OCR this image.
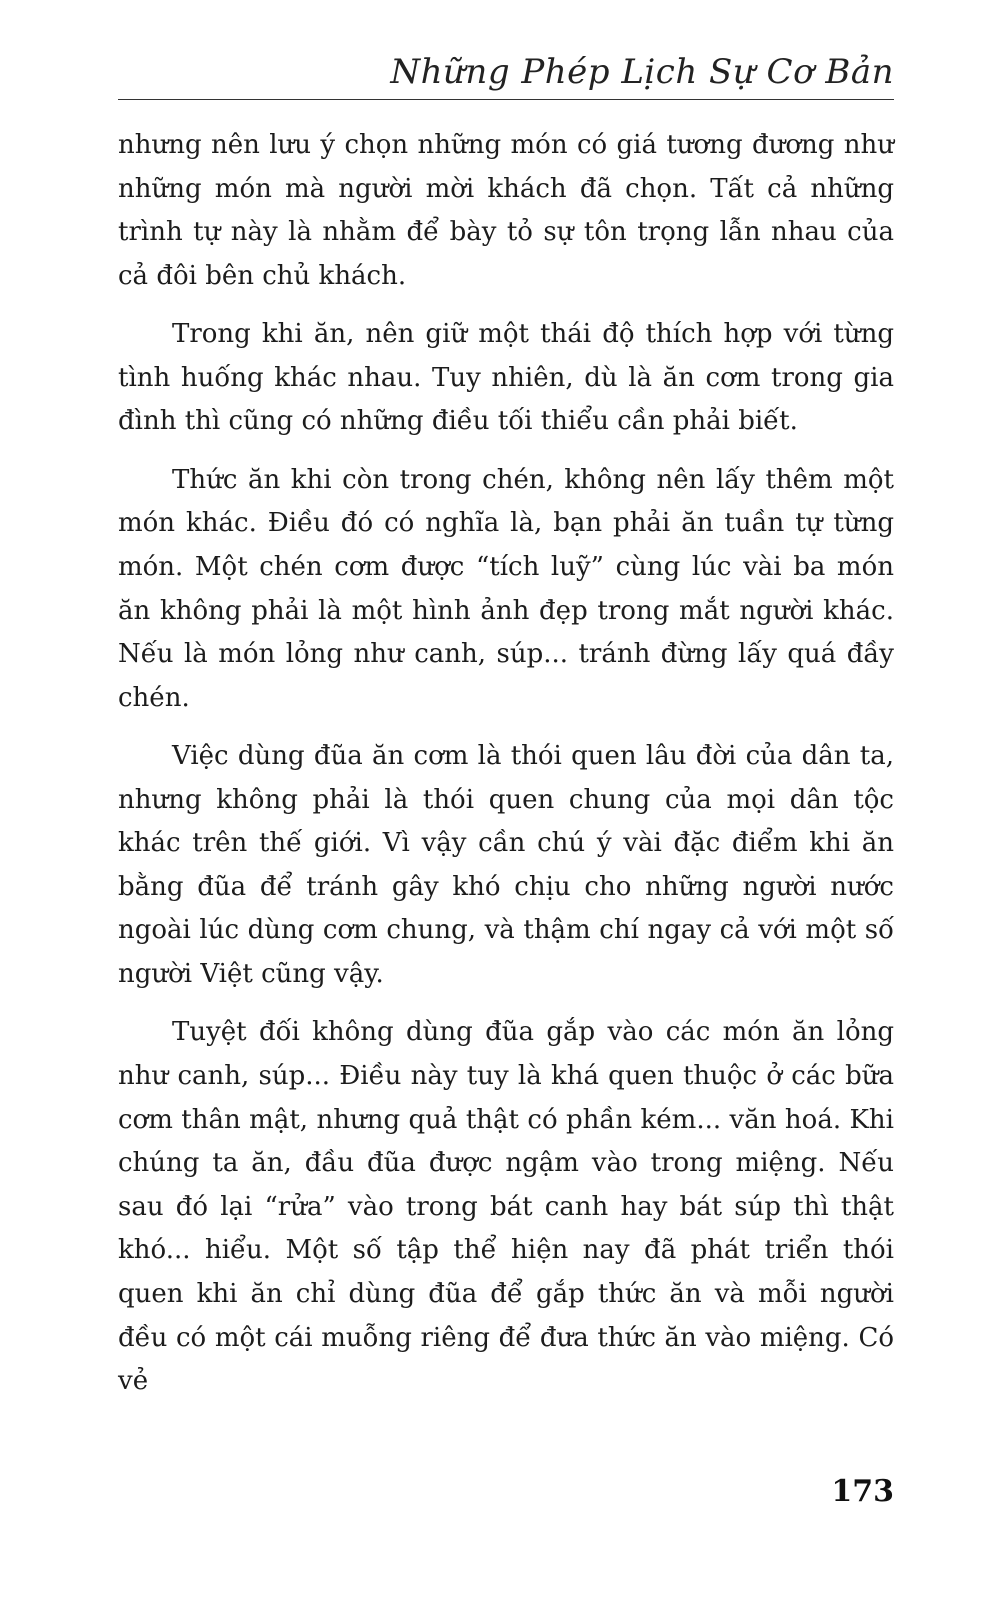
Những Phép Lịch Sự Cơ Bản

nhưng nên lưu ý chọn những món có giá tương đương như những món mà người mời khách đã chọn. Tất cả những trình tự này là nhằm để bày tỏ sự tôn trọng lẫn nhau của cả đôi bên chủ khách.

Trong khi ăn, nên giữ một thái độ thích hợp với từng tình huống khác nhau. Tuy nhiên, dù là ăn cơm trong gia đình thì cũng có những điều tối thiểu cần phải biết.

Thức ăn khi còn trong chén, không nên lấy thêm một món khác. Điều đó có nghĩa là, bạn phải ăn tuần tự từng món. Một chén cơm được “tích luỹ” cùng lúc vài ba món ăn không phải là một hình ảnh đẹp trong mắt người khác. Nếu là món lỏng như canh, súp... tránh đừng lấy quá đầy chén.

Việc dùng đũa ăn cơm là thói quen lâu đời của dân ta, nhưng không phải là thói quen chung của mọi dân tộc khác trên thế giới. Vì vậy cần chú ý vài đặc điểm khi ăn bằng đũa để tránh gây khó chịu cho những người nước ngoài lúc dùng cơm chung, và thậm chí ngay cả với một số người Việt cũng vậy.

Tuyệt đối không dùng đũa gắp vào các món ăn lỏng như canh, súp... Điều này tuy là khá quen thuộc ở các bữa cơm thân mật, nhưng quả thật có phần kém... văn hoá. Khi chúng ta ăn, đầu đũa được ngậm vào trong miệng. Nếu sau đó lại “rửa” vào trong bát canh hay bát súp thì thật khó... hiểu. Một số tập thể hiện nay đã phát triển thói quen khi ăn chỉ dùng đũa để gắp thức ăn và mỗi người đều có một cái muỗng riêng để đưa thức ăn vào miệng. Có vẻ

173
